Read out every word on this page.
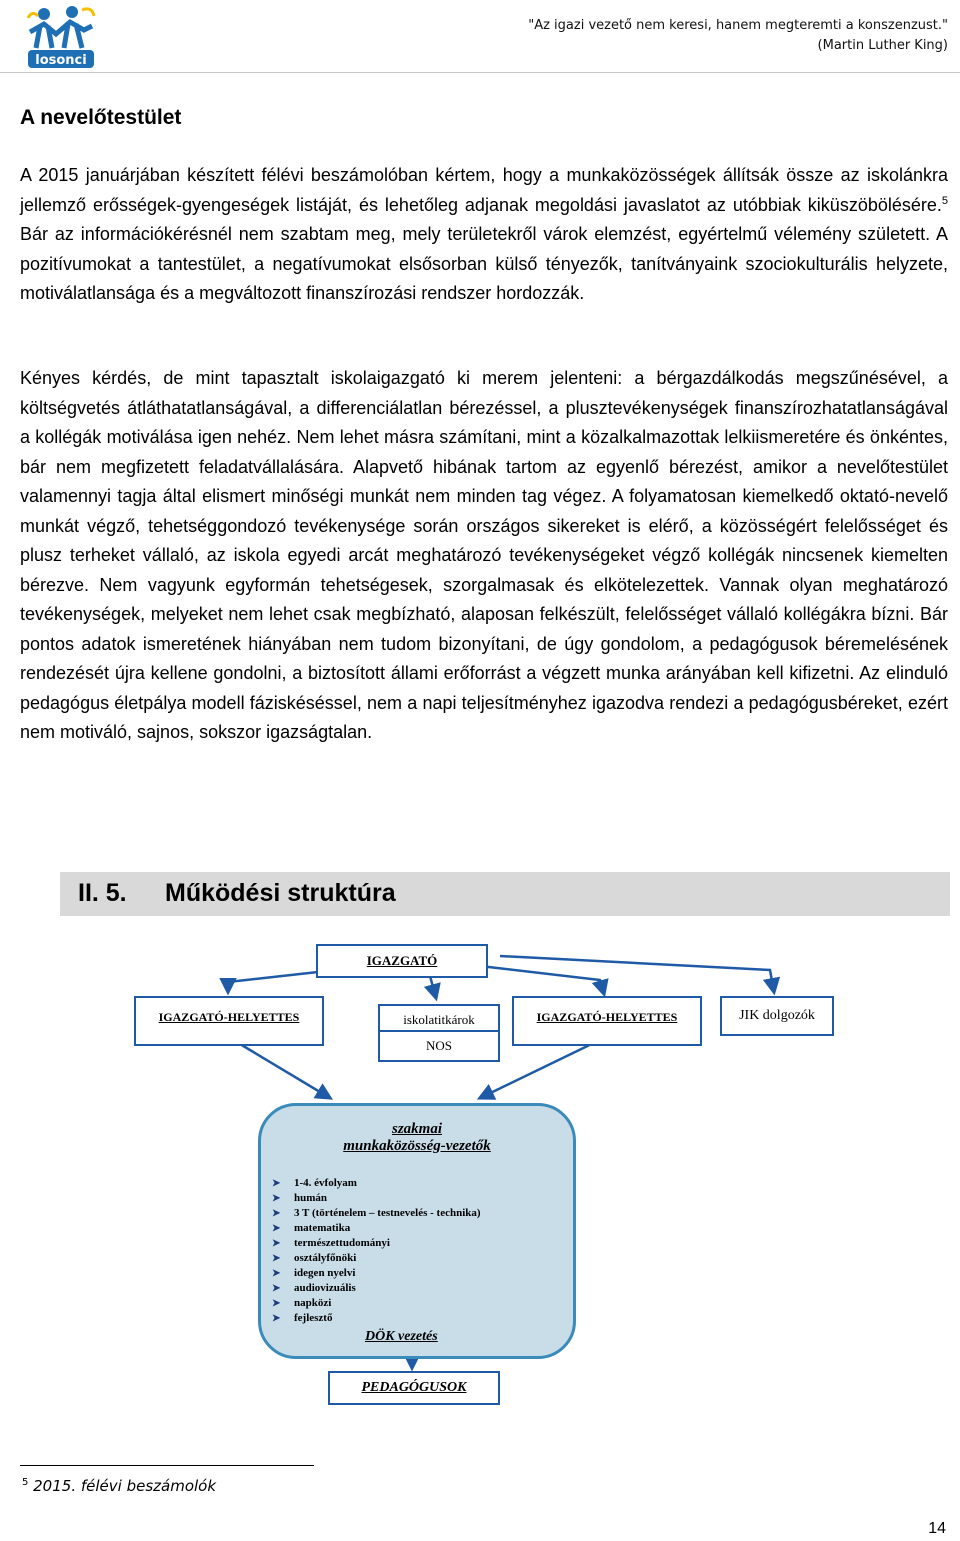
losonci
"Az igazi vezető nem keresi, hanem megteremti a konszenzust."
(Martin Luther King)
A nevelőtestület
A 2015 januárjában készített félévi beszámolóban kértem, hogy a munkaközösségek állítsák össze az iskolánkra jellemző erősségek-gyengeségek listáját, és lehetőleg adjanak megoldási javaslatot az utóbbiak kiküszöbölésére.$^5$ Bár az információkérésnél nem szabtam meg, mely területekről várok elemzést, egyértelmű vélemény született. A pozitívumokat a tantestület, a negatívumokat elsősorban külső tényezők, tanítványaink szociokulturális helyzete, motiválatlansága és a megváltozott finanszírozási rendszer hordozzák.
Kényes kérdés, de mint tapasztalt iskolaigazgató ki merem jelenteni: a bérgazdálkodás megszűnésével, a költségvetés átláthatatlanságával, a differenciálatlan bérezéssel, a plusztevékenységek finanszírozhatatlanságával a kollégák motiválása igen nehéz. Nem lehet másra számítani, mint a közalkalmazottak lelkiismeretére és önkéntes, bár nem megfizetett feladatvállalására. Alapvető hibának tartom az egyenlő bérezést, amikor a nevelőtestület valamennyi tagja által elismert minőségi munkát nem minden tag végez. A folyamatosan kiemelkedő oktató-nevelő munkát végző, tehetséggondozó tevékenysége során országos sikereket is elérő, a közösségért felelősséget és plusz terheket vállaló, az iskola egyedi arcát meghatározó tevékenységeket végző kollégák nincsenek kiemelten bérezve. Nem vagyunk egyformán tehetségesek, szorgalmasak és elkötelezettek. Vannak olyan meghatározó tevékenységek, melyeket nem lehet csak megbízható, alaposan felkészült, felelősséget vállaló kollégákra bízni. Bár pontos adatok ismeretének hiányában nem tudom bizonyítani, de úgy gondolom, a pedagógusok béremelésének rendezését újra kellene gondolni, a biztosított állami erőforrást a végzett munka arányában kell kifizetni. Az elinduló pedagógus életpálya modell fáziskéséssel, nem a napi teljesítményhez igazodva rendezi a pedagógusbéreket, ezért nem motiváló, sajnos, sokszor igazságtalan.
II. 5. Működési struktúra
IGAZGATÓ
IGAZGATÓ-HELYETTES	iskolatitkárok
NOS
IGAZGATÓ-HELYETTES	JIK dolgozók
szakmai
munkaközösség-vezetők
➤ 1-4. évfolyam
➤ humán
➤ 3 T (történelem – testnevelés - technika)
➤ matematika
➤ természettudományi
➤ osztályfőnöki
➤ idegen nyelvi
➤ audiovizuális
➤ napközi
➤ fejlesztő
DÖK vezetés
PEDAGÓGUSOK
$^5$ 2015. félévi beszámolók
14
